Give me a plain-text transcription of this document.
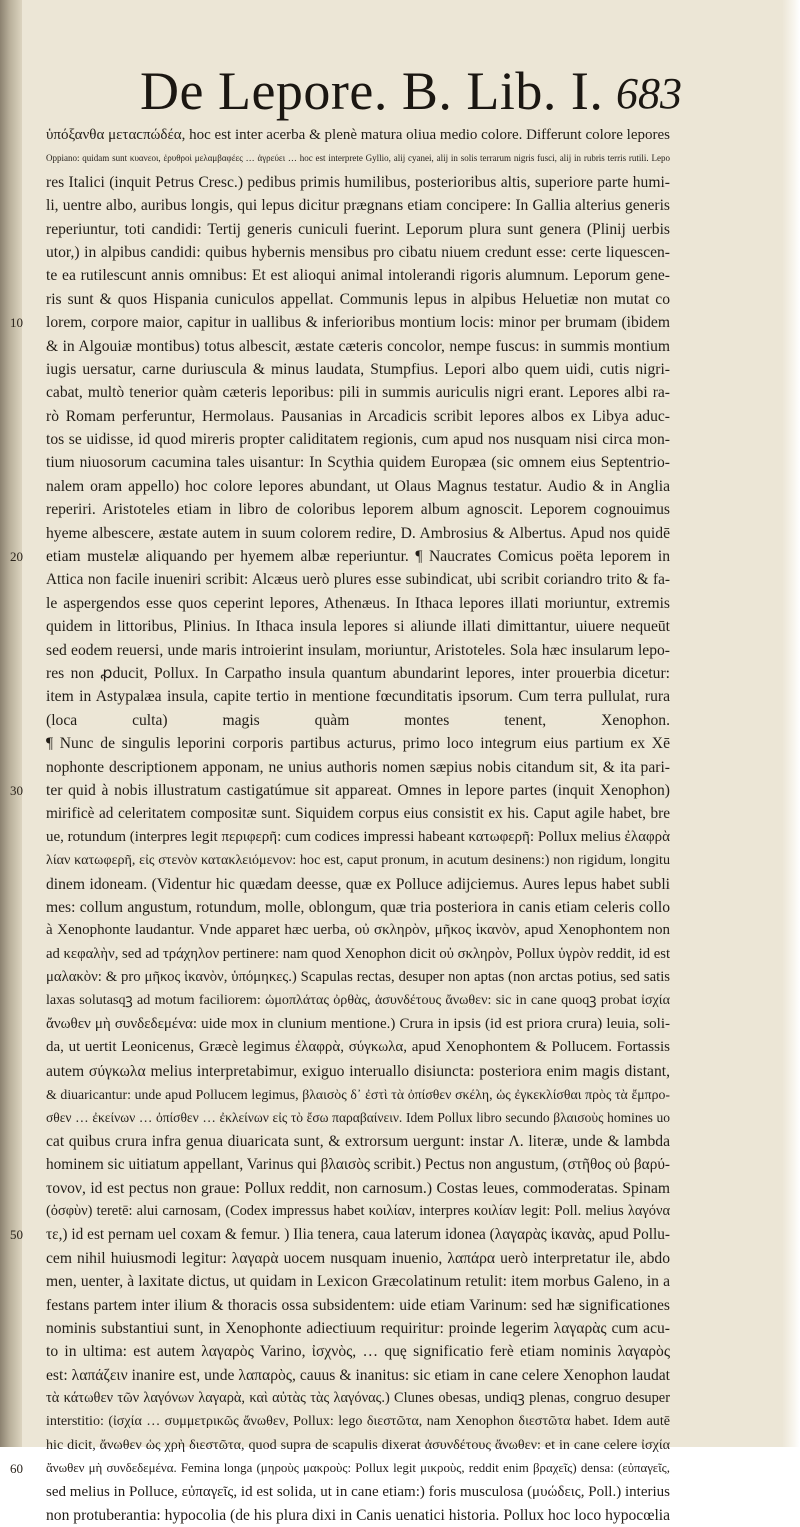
De Lepore. B. Lib. I. 683
ὑπόξανθα μεταϲπώδέα, hoc est inter acerba & plenè matura oliua medio colore. Differunt colore lepores
Oppiano: quidam sunt κυανεοι, ἐρυθροὶ μελαμβαφέες … ἀγρεύει … hoc est interprete Gyllio, alij cyanei, alij in solis terrarum nigris fusci, alij in rubris terris rutili. Lepo
res Italici (inquit Petrus Cresc.) pedibus primis humilibus, posterioribus altis, superiore parte humi-
li, uentre albo, auribus longis, qui lepus dicitur prægnans etiam concipere: In Gallia alterius generis
reperiuntur, toti candidi: Tertij generis cuniculi fuerint. Leporum plura sunt genera (Plinij uerbis
utor,) in alpibus candidi: quibus hybernis mensibus pro cibatu niuem credunt esse: certe liquescen-
te ea rutilescunt annis omnibus: Et est alioqui animal intolerandi rigoris alumnum. Leporum gene-
ris sunt & quos Hispania cuniculos appellat. Communis lepus in alpibus Heluetiæ non mutat co
10	lorem, corpore maior, capitur in uallibus & inferioribus montium locis: minor per brumam (ibidem
& in Algouiæ montibus) totus albescit, æstate cæteris concolor, nempe fuscus: in summis montium
iugis uersatur, carne duriuscula & minus laudata, Stumpfius. Lepori albo quem uidi, cutis nigri-
cabat, multò tenerior quàm cæteris leporibus: pili in summis auriculis nigri erant. Lepores albi ra-
rò Romam perferuntur, Hermolaus. Pausanias in Arcadicis scribit lepores albos ex Libya aduc-
tos se uidisse, id quod mireris propter caliditatem regionis, cum apud nos nusquam nisi circa mon-
tium niuosorum cacumina tales uisantur: In Scythia quidem Europæa (sic omnem eius Septentrio-
nalem oram appello) hoc colore lepores abundant, ut Olaus Magnus testatur. Audio & in Anglia
reperiri. Aristoteles etiam in libro de coloribus leporem album agnoscit. Leporem cognouimus
hyeme albescere, æstate autem in suum colorem redire, D. Ambrosius & Albertus. Apud nos quidē
20	etiam mustelæ aliquando per hyemem albæ reperiuntur. ¶ Naucrates Comicus poëta leporem in
Attica non facile inueniri scribit: Alcæus uerò plures esse subindicat, ubi scribit coriandro trito & fa-
le aspergendos esse quos ceperint lepores, Athenæus. In Ithaca lepores illati moriuntur, extremis
quidem in littoribus, Plinius. In Ithaca insula lepores si aliunde illati dimittantur, uiuere nequeūt
sed eodem reuersi, unde maris introierint insulam, moriuntur, Aristoteles. Sola hæc insularum lepo-
res non ꝓducit, Pollux. In Carpatho insula quantum abundarint lepores, inter prouerbia dicetur:
item in Astypalæa insula, capite tertio in mentione fœcunditatis ipsorum. Cum terra pullulat, rura
(loca culta) magis quàm montes tenent, Xenophon.
¶ Nunc de singulis leporini corporis partibus acturus, primo loco integrum eius partium ex Xē
nophonte descriptionem apponam, ne unius authoris nomen sæpius nobis citandum sit, & ita pari-
30	ter quid à nobis illustratum castigatúmue sit appareat. Omnes in lepore partes (inquit Xenophon)
mirificè ad celeritatem compositæ sunt. Siquidem corpus eius consistit ex his. Caput agile habet, bre
ue, rotundum (interpres legit περιφερῆ: cum codices impressi habeant κατωφερῆ: Pollux melius ἐλαφρὰ
λίαν κατωφερῆ, εἰς στενὸν κατακλειόμενον: hoc est, caput pronum, in acutum desinens:) non rigidum, longitu
dinem idoneam. (Videntur hic quædam deesse, quæ ex Polluce adijciemus. Aures lepus habet subli
mes: collum angustum, rotundum, molle, oblongum, quæ tria posteriora in canis etiam celeris collo
à Xenophonte laudantur. Vnde apparet hæc uerba, οὐ σκληρὸν, μῆκος ἱκανὸν, apud Xenophontem non
ad κεφαλὴν, sed ad τράχηλον pertinere: nam quod Xenophon dicit οὐ σκληρὸν, Pollux ὑγρὸν reddit, id est
μαλακὸν: & pro μῆκος ἱκανὸν, ὑπόμηκες.) Scapulas rectas, desuper non aptas (non arctas potius, sed satis
laxas solutasqꝫ ad motum faciliorem: ὠμοπλάτας ὀρθὰς, ἀσυνδέτους ἄνωθεν: sic in cane quoqꝫ probat ἰσχία
ἄνωθεν μὴ συνδεδεμένα: uide mox in clunium mentione.) Crura in ipsis (id est priora crura) leuia, soli-
da, ut uertit Leonicenus, Græcè legimus ἐλαφρὰ, σύγκωλα, apud Xenophontem & Pollucem. Fortassis
autem σύγκωλα melius interpretabimur, exiguo interuallo disiuncta: posteriora enim magis distant,
& diuaricantur: unde apud Pollucem legimus, βλαισὸς δ᾽ ἐστὶ τὰ ὀπίσθεν σκέλη, ὡς ἐγκεκλίσθαι πρὸς τὰ ἔμπρο-
σθεν … ἐκείνων … ὀπίσθεν … ἐκλείνων εἰς τὸ ἔσω παραβαίνειν. Idem Pollux libro secundo βλαισοὺς homines uo
cat quibus crura infra genua diuaricata sunt, & extrorsum uergunt: instar Λ. literæ, unde & lambda
hominem sic uitiatum appellant, Varinus qui βλαισὸς scribit.) Pectus non angustum, (στῆθος οὐ βαρύ-
τονον, id est pectus non graue: Pollux reddit, non carnosum.) Costas leues, commoderatas. Spinam
(ὀσφὺν) teretē: alui carnosam, (Codex impressus habet κοιλίαν, interpres κοιλίαν legit: Poll. melius λαγόνα
50	τε,) id est pernam uel coxam & femur. ) Ilia tenera, caua laterum idonea (λαγαρὰς ἱκανὰς, apud Pollu-
cem nihil huiusmodi legitur: λαγαρὰ uocem nusquam inuenio, λαπάρα uerò interpretatur ile, abdo
men, uenter, à laxitate dictus, ut quidam in Lexicon Græcolatinum retulit: item morbus Galeno, in a
festans partem inter ilium & thoracis ossa subsidentem: uide etiam Varinum: sed hæ significationes
nominis substantiui sunt, in Xenophonte adiectiuum requiritur: proinde legerim λαγαρὰς cum acu-
to in ultima: est autem λαγαρὸς Varino, ἰσχνὸς, … quę significatio ferè etiam nominis λαγαρὸς
est: λαπάζειν inanire est, unde λαπαρὸς, cauus & inanitus: sic etiam in cane celere Xenophon laudat
τὰ κάτωθεν τῶν λαγόνων λαγαρὰ, καὶ αὐτὰς τὰς λαγόνας.) Clunes obesas, undiqꝫ plenas, congruo desuper
interstitio: (ἰσχία … συμμετρικῶς ἄνωθεν, Pollux: lego διεστῶτα, nam Xenophon διεστῶτα habet. Idem autē
hic dicit, ἄνωθεν ὡς χρὴ διεστῶτα, quod supra de scapulis dixerat ἀσυνδέτους ἄνωθεν: et in cane celere ἰσχία
60	ἄνωθεν μὴ συνδεδεμένα. Femina longa (μηροὺς μακροὺς: Pollux legit μικροὺς, reddit enim βραχεῖς) densa: (εὐπαγεῖς,
sed melius in Polluce, εὐπαγεῖς, id est solida, ut in cane etiam:) foris musculosa (μυώδεις, Poll.) interius
non protuberantia: hypocolia (de his plura dixi in Canis uenatici historia. Pollux hoc loco hypocœlia
